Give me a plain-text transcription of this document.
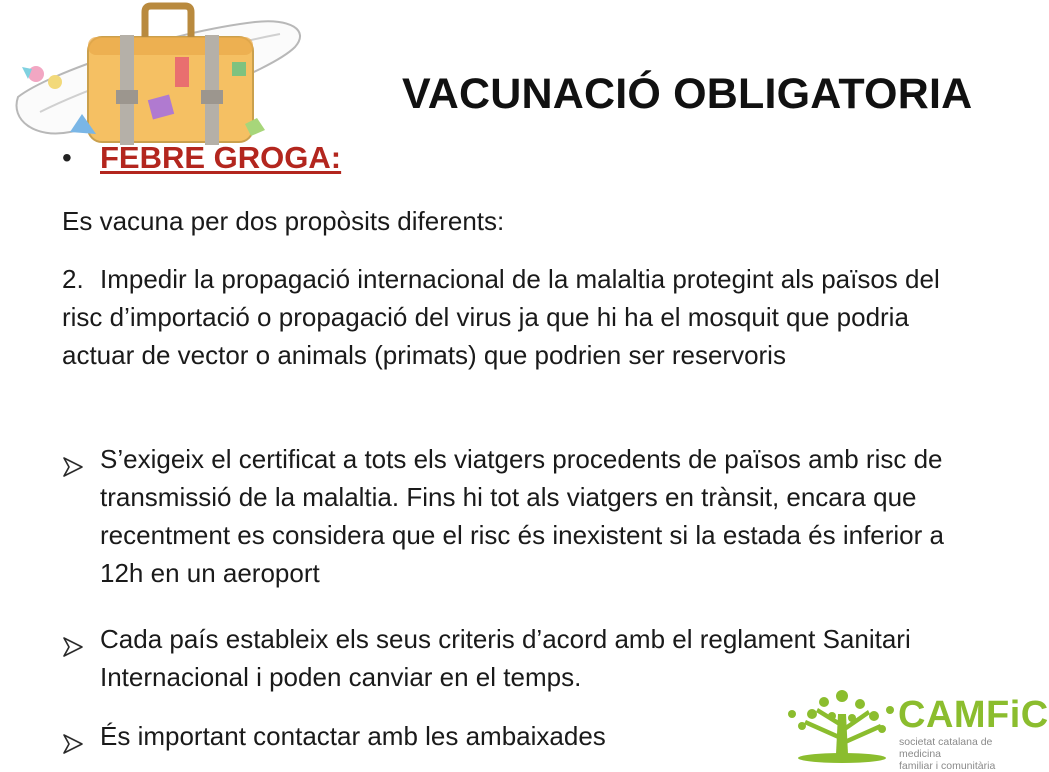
VACUNACIÓ OBLIGATORIA
• FEBRE GROGA:
Es vacuna per dos propòsits diferents:
2. Impedir la propagació internacional de la malaltia protegint als països del risc d’importació o propagació del virus ja que hi ha el mosquit que podria actuar de vector o animals (primats) que podrien ser reservoris
S’exigeix el certificat a tots els viatgers procedents de països amb risc de transmissió de la malaltia. Fins hi tot als viatgers en trànsit, encara que recentment es considera que el risc és inexistent si la estada és inferior a 12h en un aeroport
Cada país estableix els seus criteris d’acord amb el reglament Sanitari Internacional i poden canviar en el temps.
És important contactar amb les ambaixades	CAMFiC
societat catalana de medicina
familiar i comunitària
